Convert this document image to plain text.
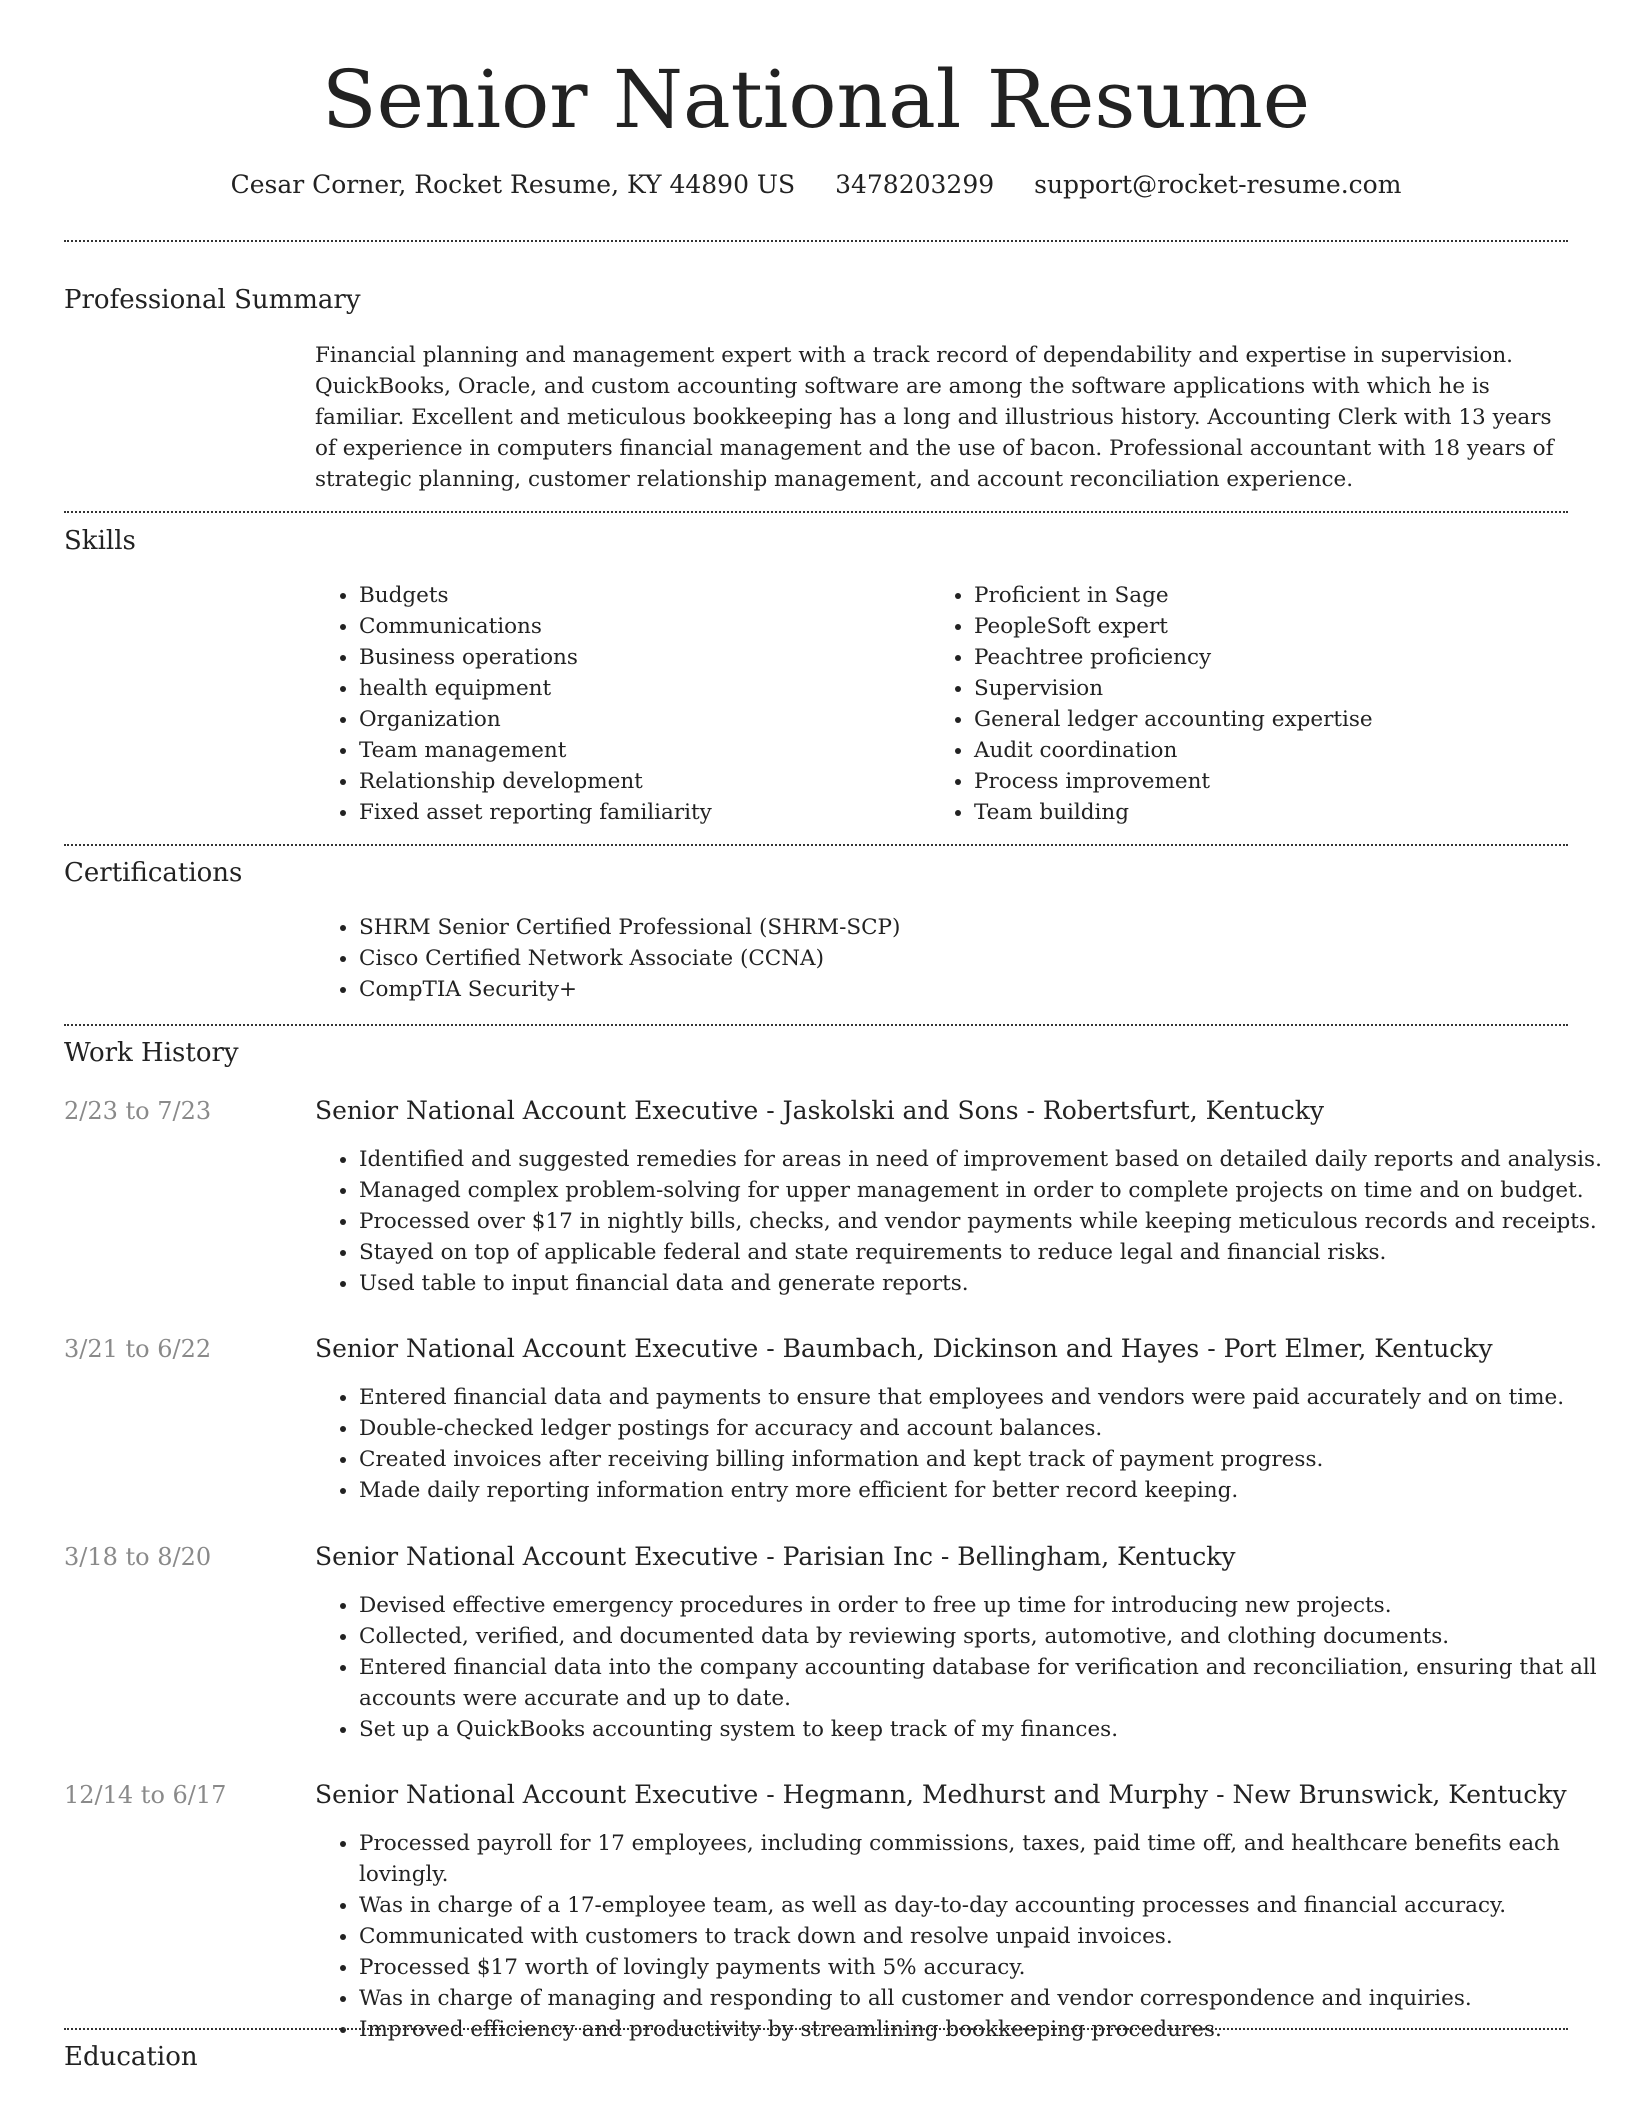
Senior National Resume
Cesar Corner, Rocket Resume, KY 44890 US 3478203299 support@rocket-resume.com
Professional Summary

Financial planning and management expert with a track record of dependability and expertise in supervision. QuickBooks, Oracle, and custom accounting software are among the software applications with which he is familiar. Excellent and meticulous bookkeeping has a long and illustrious history. Accounting Clerk with 13 years of experience in computers financial management and the use of bacon. Professional accountant with 18 years of strategic planning, customer relationship management, and account reconciliation experience.

Skills
• Budgets
• Communications
• Business operations
• health equipment
• Organization
• Team management
• Relationship development
• Fixed asset reporting familiarity
• Proficient in Sage
• PeopleSoft expert
• Peachtree proficiency
• Supervision
• General ledger accounting expertise
• Audit coordination
• Process improvement
• Team building
Certifications
• SHRM Senior Certified Professional (SHRM-SCP)
• Cisco Certified Network Associate (CCNA)
• CompTIA Security+
Work History
2/23 to 7/23	Senior National Account Executive - Jaskolski and Sons - Robertsfurt, Kentucky
• Identified and suggested remedies for areas in need of improvement based on detailed daily reports and analysis.
• Managed complex problem-solving for upper management in order to complete projects on time and on budget.
• Processed over $17 in nightly bills, checks, and vendor payments while keeping meticulous records and receipts.
• Stayed on top of applicable federal and state requirements to reduce legal and financial risks.
• Used table to input financial data and generate reports.
3/21 to 6/22	Senior National Account Executive - Baumbach, Dickinson and Hayes - Port Elmer, Kentucky
• Entered financial data and payments to ensure that employees and vendors were paid accurately and on time.
• Double-checked ledger postings for accuracy and account balances.
• Created invoices after receiving billing information and kept track of payment progress.
• Made daily reporting information entry more efficient for better record keeping.
3/18 to 8/20	Senior National Account Executive - Parisian Inc - Bellingham, Kentucky
• Devised effective emergency procedures in order to free up time for introducing new projects.
• Collected, verified, and documented data by reviewing sports, automotive, and clothing documents.
• Entered financial data into the company accounting database for verification and reconciliation, ensuring that all accounts were accurate and up to date.
• Set up a QuickBooks accounting system to keep track of my finances.
12/14 to 6/17	Senior National Account Executive - Hegmann, Medhurst and Murphy - New Brunswick, Kentucky
• Processed payroll for 17 employees, including commissions, taxes, paid time off, and healthcare benefits each lovingly.
• Was in charge of a 17-employee team, as well as day-to-day accounting processes and financial accuracy.
• Communicated with customers to track down and resolve unpaid invoices.
• Processed $17 worth of lovingly payments with 5% accuracy.
• Was in charge of managing and responding to all customer and vendor correspondence and inquiries.
• Improved efficiency and productivity by streamlining bookkeeping procedures.
Education
